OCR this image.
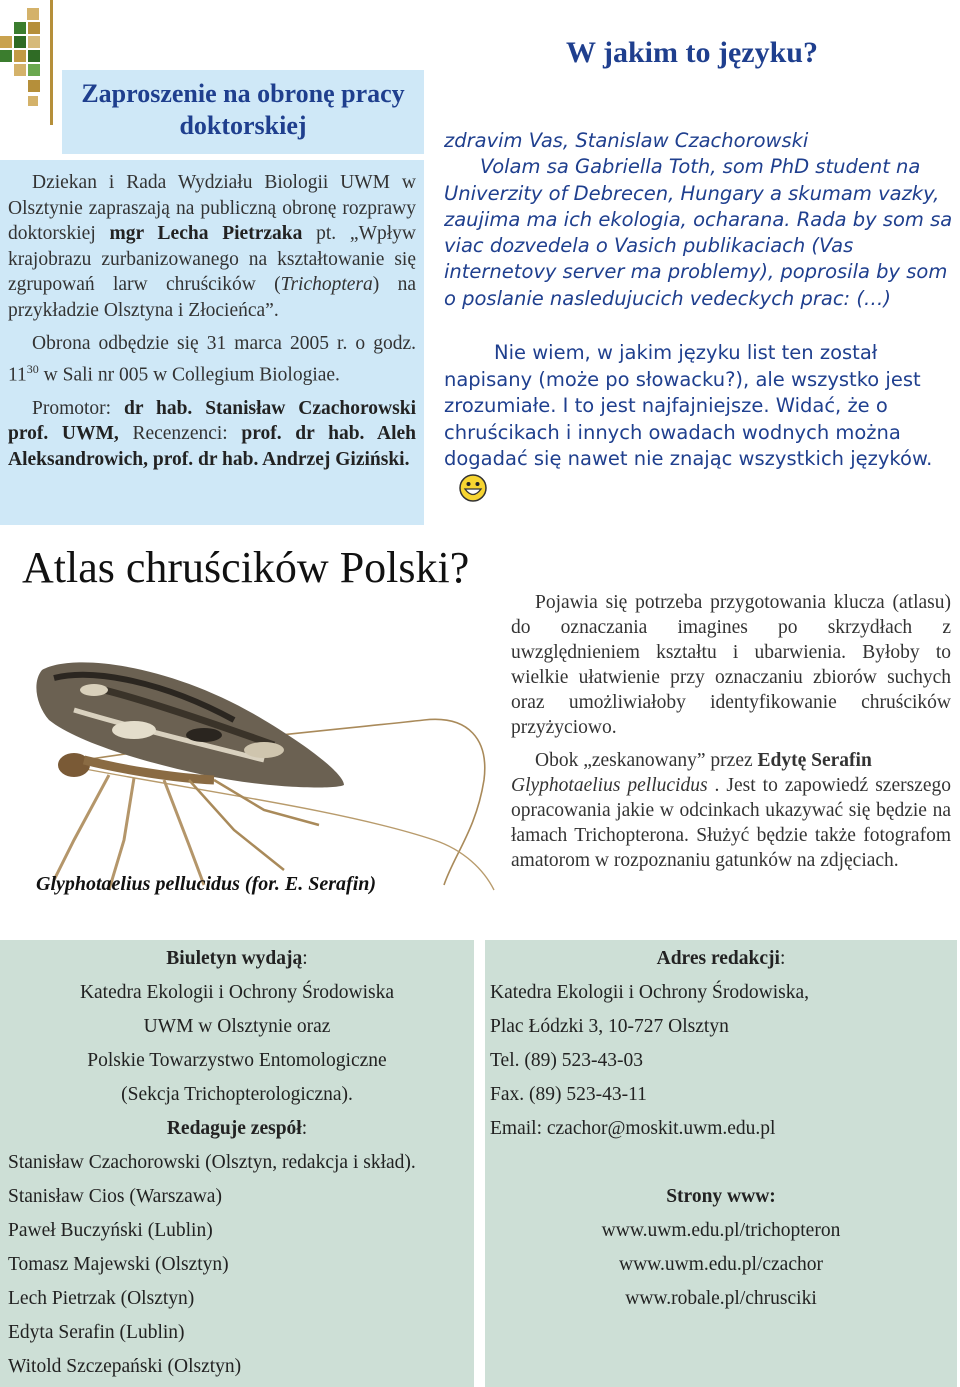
Zaproszenie na obronę pracy doktorskiej

Dziekan i Rada Wydziału Biologii UWM w Olsztynie zapraszają na publiczną obronę rozprawy doktorskiej mgr Lecha Pietrzaka pt. „Wpływ krajobrazu zurbanizowanego na kształtowanie się zgrupowań larw chruścików (Trichoptera) na przykładzie Olsztyna i Złocieńca”.

Obrona odbędzie się 31 marca 2005 r. o godz. $11^{30}$ w Sali nr 005 w Collegium Biologiae.

Promotor: dr hab. Stanisław Czachorowski prof. UWM, Recenzenci: prof. dr hab. Aleh Aleksandrowich, prof. dr hab. Andrzej Giziński.

W jakim to języku?

zdravim Vas, Stanislaw Czachorowski
Volam sa Gabriella Toth, som PhD student na Univerzity of Debrecen, Hungary a skumam vazky, zaujima ma ich ekologia, ocharana. Rada by som sa viac dozvedela o Vasich publikaciach (Vas internetovy server ma problemy), poprosila by som o poslanie nasledujucich vedeckych prac: (…)

Nie wiem, w jakim języku list ten został napisany (może po słowacku?), ale wszystko jest zrozumiałe. I to jest najfajniejsze. Widać, że o chruścikach i innych owadach wodnych można dogadać się nawet nie znając wszystkich języków.

Atlas chruścików Polski?

Glyphotaelius pellucidus (for. E. Serafin)

Pojawia się potrzeba przygotowania klucza (atlasu) do oznaczania imagines po skrzydłach z uwzględnieniem kształtu i ubarwienia. Byłoby to wielkie ułatwienie przy oznaczaniu zbiorów suchych oraz umożliwiałoby identyfikowanie chruścików przyżyciowo.

Obok „zeskanowany” przez Edytę Serafin
Glyphotaelius pellucidus . Jest to zapowiedź szerszego opracowania jakie w odcinkach ukazywać się będzie na łamach Trichopterona. Służyć będzie także fotografom amatorom w rozpoznaniu gatunków na zdjęciach.

Biuletyn wydają:
Katedra Ekologii i Ochrony Środowiska
UWM w Olsztynie oraz
Polskie Towarzystwo Entomologiczne
(Sekcja Trichopterologiczna).
Redaguje zespół:
Stanisław Czachorowski (Olsztyn, redakcja i skład).
Stanisław Cios (Warszawa)
Paweł Buczyński (Lublin)
Tomasz Majewski (Olsztyn)
Lech Pietrzak (Olsztyn)
Edyta Serafin (Lublin)
Witold Szczepański (Olsztyn)
Adres redakcji:
Katedra Ekologii i Ochrony Środowiska,
Plac Łódzki 3, 10-727 Olsztyn
Tel. (89) 523-43-03
Fax. (89) 523-43-11
Email: czachor@moskit.uwm.edu.pl
Strony www:
www.uwm.edu.pl/trichopteron
www.uwm.edu.pl/czachor
www.robale.pl/chrusciki
